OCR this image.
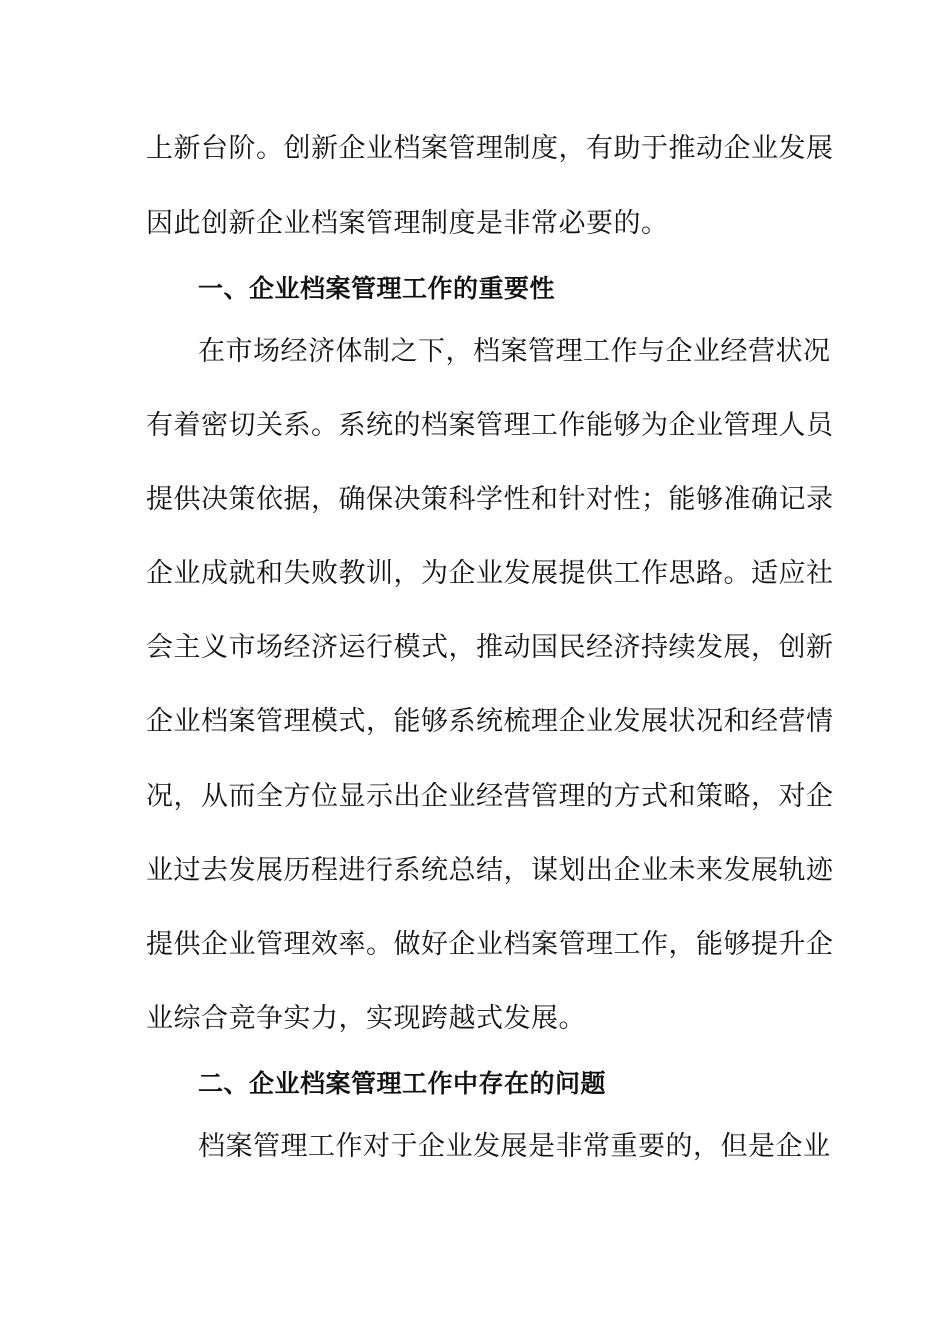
上新台阶。创新企业档案管理制度，有助于推动企业发展
因此创新企业档案管理制度是非常必要的。
一、企业档案管理工作的重要性
在市场经济体制之下，档案管理工作与企业经营状况
有着密切关系。系统的档案管理工作能够为企业管理人员
提供决策依据，确保决策科学性和针对性；能够准确记录
企业成就和失败教训，为企业发展提供工作思路。适应社
会主义市场经济运行模式，推动国民经济持续发展，创新
企业档案管理模式，能够系统梳理企业发展状况和经营情
况，从而全方位显示出企业经营管理的方式和策略，对企
业过去发展历程进行系统总结，谋划出企业未来发展轨迹
提供企业管理效率。做好企业档案管理工作，能够提升企
业综合竞争实力，实现跨越式发展。
二、企业档案管理工作中存在的问题
档案管理工作对于企业发展是非常重要的，但是企业
